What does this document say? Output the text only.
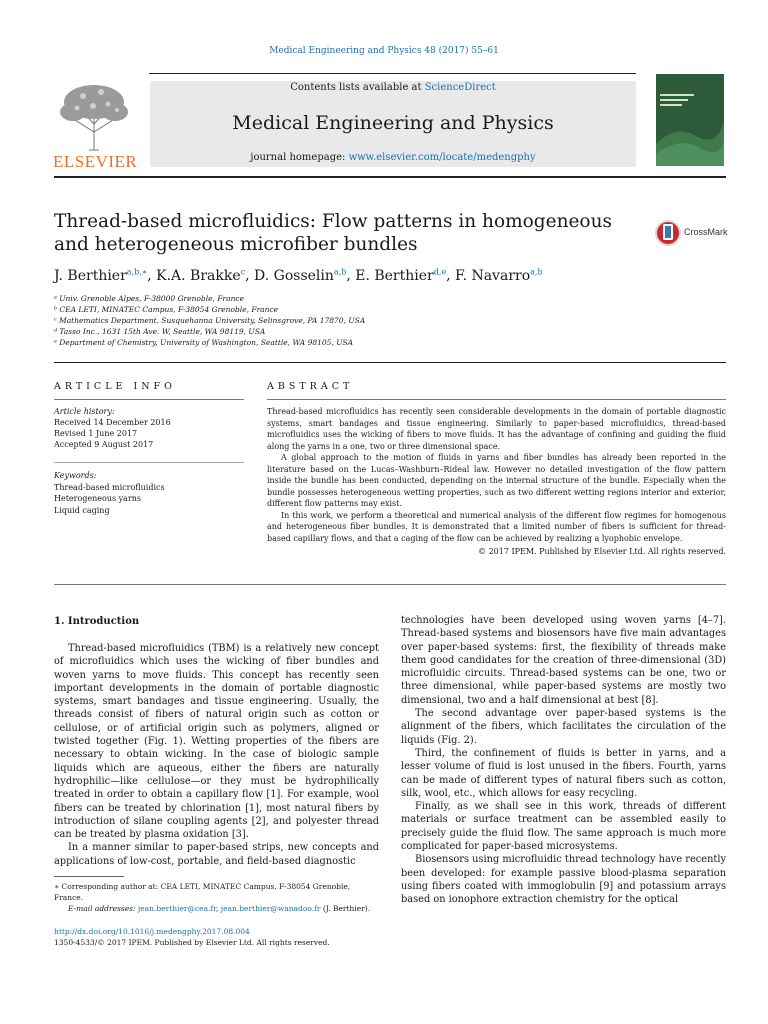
Medical Engineering and Physics 48 (2017) 55–61
ELSEVIER
Contents lists available at ScienceDirect
Medical Engineering and Physics
journal homepage: www.elsevier.com/locate/medengphy
Thread-based microfluidics: Flow patterns in homogeneous and heterogeneous microfiber bundles
CrossMark
J. Berthier$^{a,b,∗}$, K.A. Brakke$^c$, D. Gosselin$^{a,b}$, E. Berthier$^{d,e}$, F. Navarro$^{a,b}$
ᵃ Univ. Grenoble Alpes, F-38000 Grenoble, France
ᵇ CEA LETI, MINATEC Campus, F-38054 Grenoble, France
ᶜ Mathematics Department, Susquehanna University, Selinsgrove, PA 17870, USA
ᵈ Tasso Inc., 1631 15th Ave. W, Seattle, WA 98119, USA
ᵉ Department of Chemistry, University of Washington, Seattle, WA 98105, USA
ARTICLE INFO	ABSTRACT
Article history:
Received 14 December 2016
Revised 1 June 2017
Accepted 9 August 2017
Keywords:
Thread-based microfluidics
Heterogeneous yarns
Liquid caging

Thread-based microfluidics has recently seen considerable developments in the domain of portable diagnostic systems, smart bandages and tissue engineering. Similarly to paper-based microfluidics, thread-based microfluidics uses the wicking of fibers to move fluids. It has the advantage of confining and guiding the fluid along the yarns in a one, two or three dimensional space.

A global approach to the motion of fluids in yarns and fiber bundles has already been reported in the literature based on the Lucas–Washburn–Rideal law. However no detailed investigation of the flow pattern inside the bundle has been conducted, depending on the internal structure of the bundle. Especially when the bundle possesses heterogeneous wetting properties, such as two different wetting regions interior and exterior, different flow patterns may exist.

In this work, we perform a theoretical and numerical analysis of the different flow regimes for homogenous and heterogeneous fiber bundles. It is demonstrated that a limited number of fibers is sufficient for thread-based capillary flows, and that a caging of the flow can be achieved by realizing a lyophobic envelope.

© 2017 IPEM. Published by Elsevier Ltd. All rights reserved.
1. Introduction

Thread-based microfluidics (TBM) is a relatively new concept of microfluidics which uses the wicking of fiber bundles and woven yarns to move fluids. This concept has recently seen important developments in the domain of portable diagnostic systems, smart bandages and tissue engineering. Usually, the threads consist of fibers of natural origin such as cotton or cellulose, or of artificial origin such as polymers, aligned or twisted together (Fig. 1). Wetting properties of the fibers are necessary to obtain wicking. In the case of biologic sample liquids which are aqueous, either the fibers are naturally hydrophilic—like cellulose—or they must be hydrophilically treated in order to obtain a capillary flow [1]. For example, wool fibers can be treated by chlorination [1], most natural fibers by introduction of silane coupling agents [2], and polyester thread can be treated by plasma oxidation [3].

In a manner similar to paper-based strips, new concepts and applications of low-cost, portable, and field-based diagnostic

technologies have been developed using woven yarns [4–7]. Thread-based systems and biosensors have five main advantages over paper-based systems: first, the flexibility of threads make them good candidates for the creation of three-dimensional (3D) microfluidic circuits. Thread-based systems can be one, two or three dimensional, while paper-based systems are mostly two dimensional, two and a half dimensional at best [8].

The second advantage over paper-based systems is the alignment of the fibers, which facilitates the circulation of the liquids (Fig. 2).

Third, the confinement of fluids is better in yarns, and a lesser volume of fluid is lost unused in the fibers. Fourth, yarns can be made of different types of natural fibers such as cotton, silk, wool, etc., which allows for easy recycling.

Finally, as we shall see in this work, threads of different materials or surface treatment can be assembled easily to precisely guide the fluid flow. The same approach is much more complicated for paper-based microsystems.

Biosensors using microfluidic thread technology have recently been developed: for example passive blood-plasma separation using fibers coated with immoglobulin [9] and potassium arrays based on ionophore extraction chemistry for the optical

∗ Corresponding author at: CEA LETI, MINATEC Campus, F-38054 Grenoble, France.
E-mail addresses: jean.berthier@cea.fr, jean.berthier@wanadoo.fr (J. Berthier).
http://dx.doi.org/10.1016/j.medengphy.2017.08.004
1350-4533/© 2017 IPEM. Published by Elsevier Ltd. All rights reserved.
